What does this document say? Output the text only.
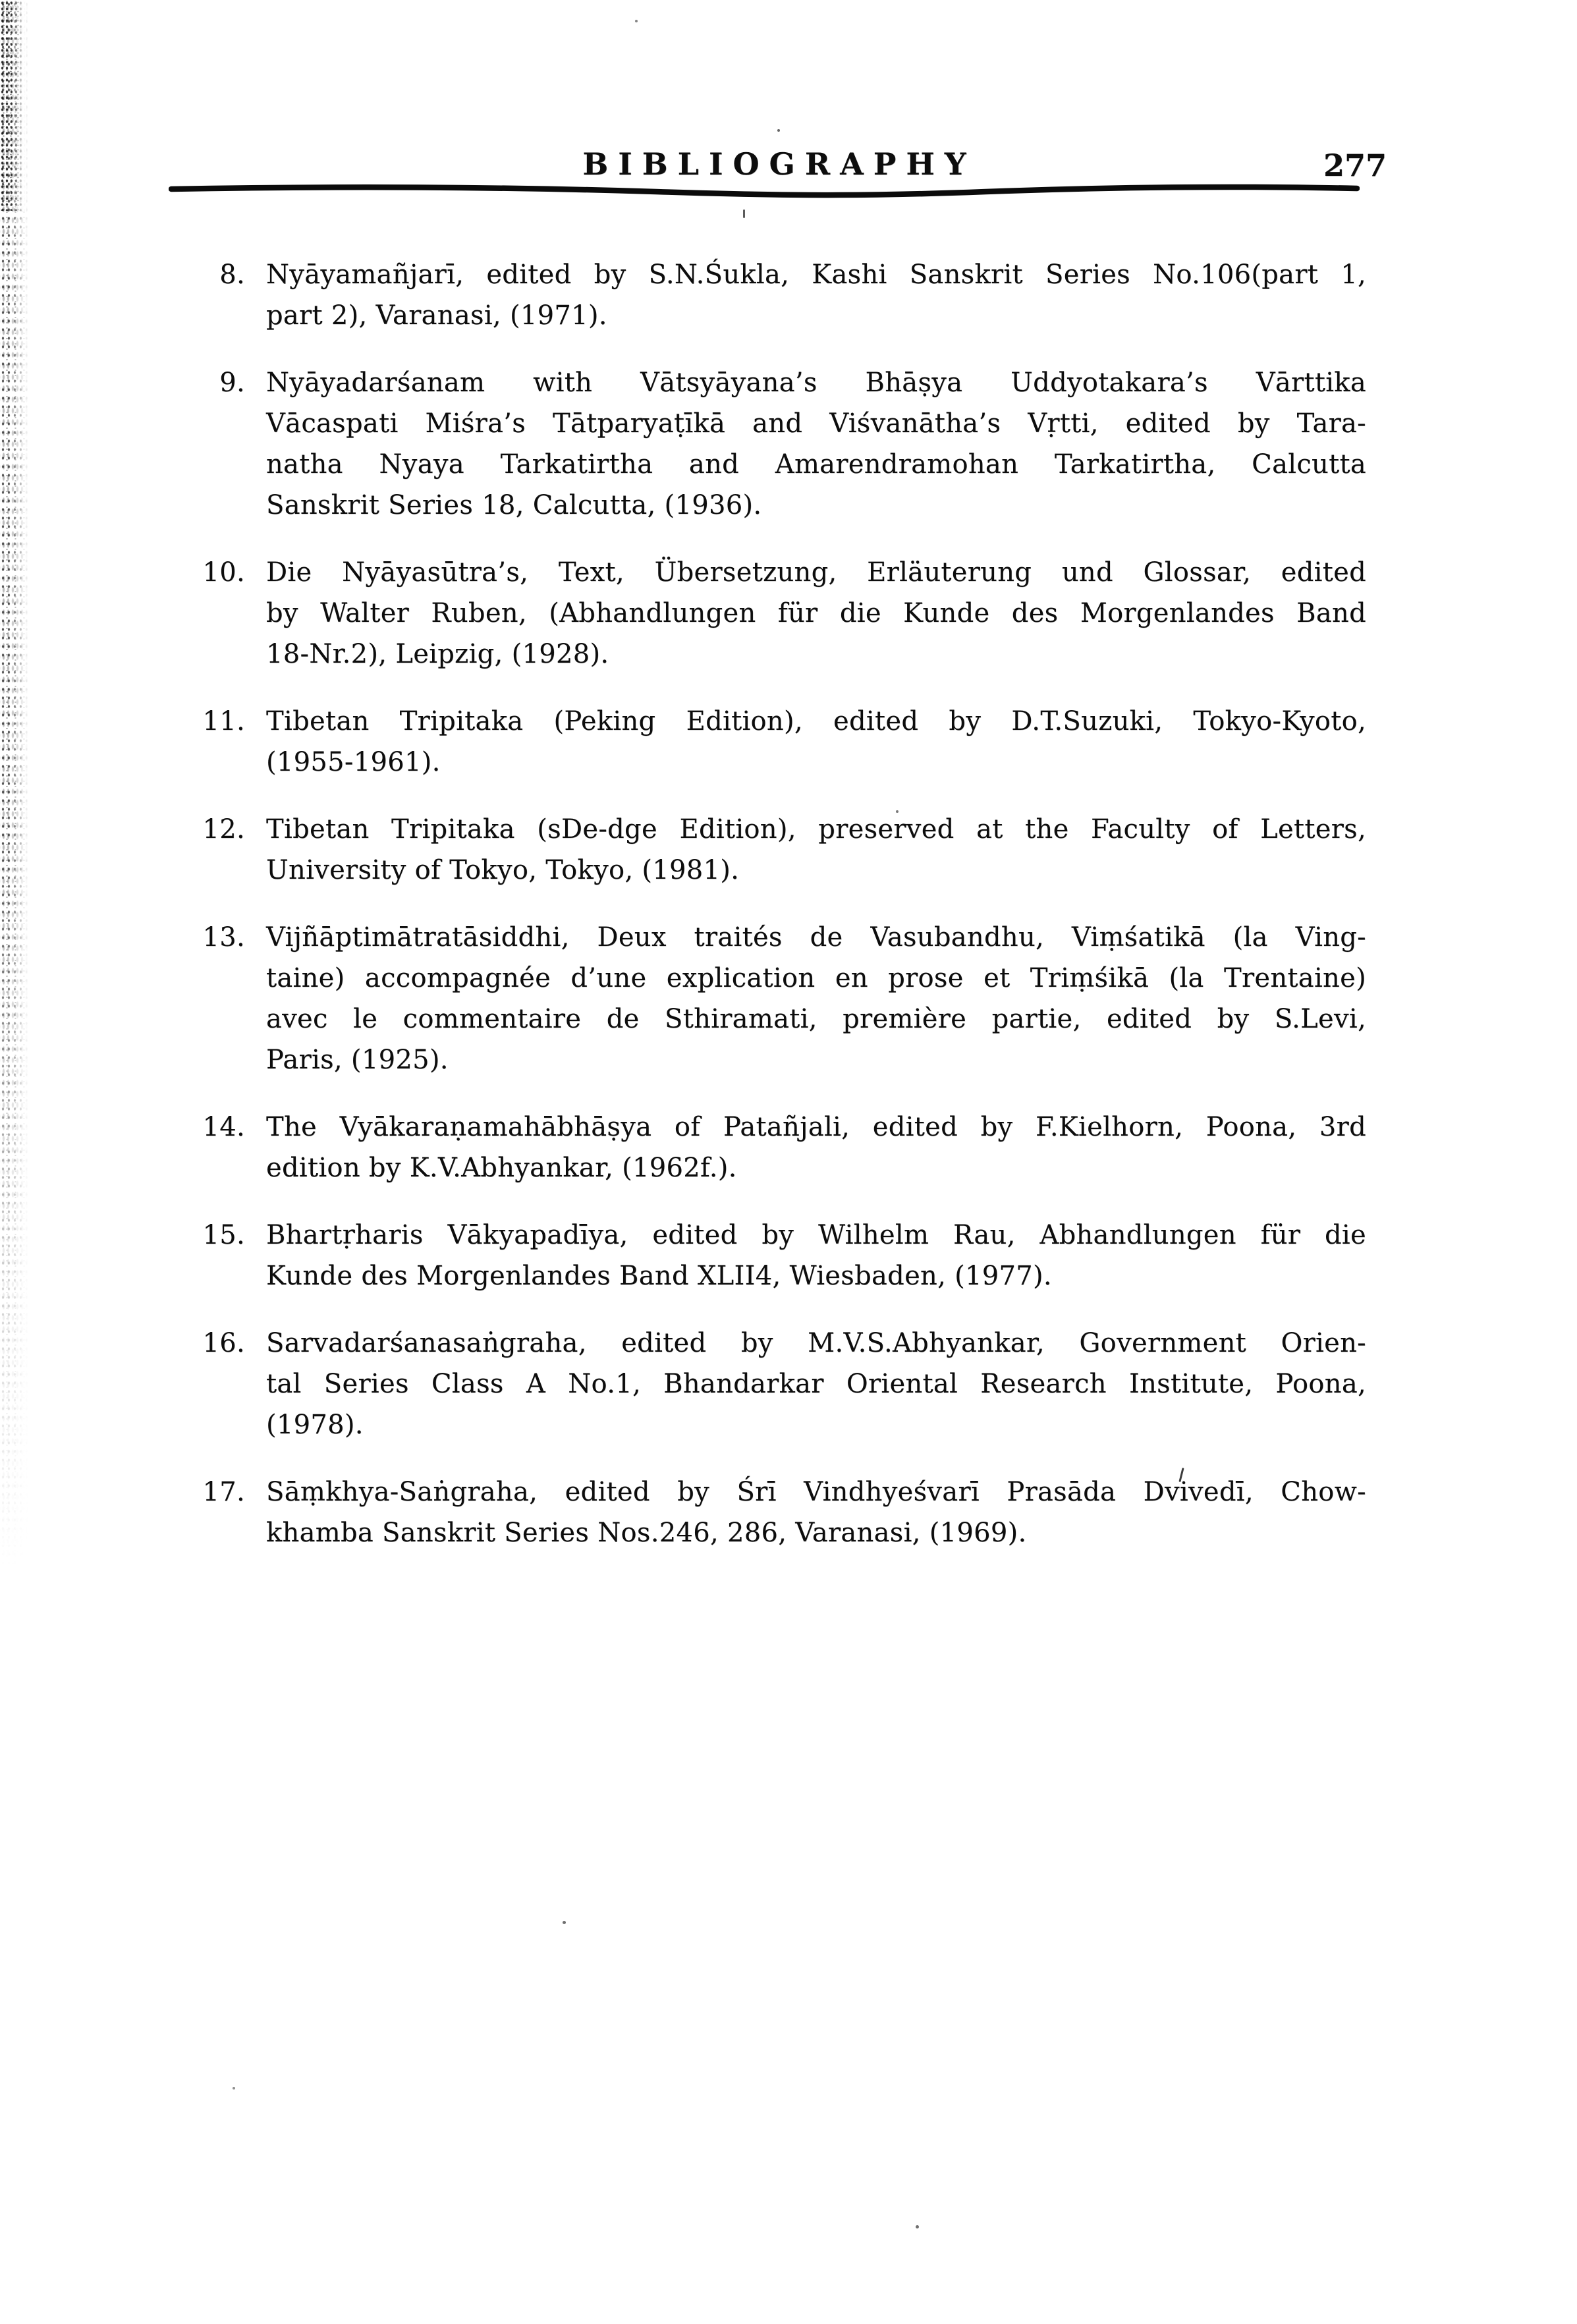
BIBLIOGRAPHY	277
8. Nyāyamañjarī, edited by S.N.Śukla, Kashi Sanskrit Series No.106(part 1,
part 2), Varanasi, (1971).
9. Nyāyadarśanam with Vātsyāyana’s Bhāṣya Uddyotakara’s Vārttika
Vācaspati Miśra’s Tātparyaṭīkā and Viśvanātha’s Vṛtti, edited by Tara-
natha Nyaya Tarkatirtha and Amarendramohan Tarkatirtha, Calcutta
Sanskrit Series 18, Calcutta, (1936).
10. Die Nyāyasūtra’s, Text, Übersetzung, Erläuterung und Glossar, edited
by Walter Ruben, (Abhandlungen für die Kunde des Morgenlandes Band
18-Nr.2), Leipzig, (1928).
11. Tibetan Tripitaka (Peking Edition), edited by D.T.Suzuki, Tokyo-Kyoto,
(1955-1961).
12. Tibetan Tripitaka (sDe-dge Edition), preserved at the Faculty of Letters,
University of Tokyo, Tokyo, (1981).
13. Vijñāptimātratāsiddhi, Deux traités de Vasubandhu, Viṃśatikā (la Ving-
taine) accompagnée d’une explication en prose et Triṃśikā (la Trentaine)
avec le commentaire de Sthiramati, première partie, edited by S.Levi,
Paris, (1925).
14. The Vyākaraṇamahābhāṣya of Patañjali, edited by F.Kielhorn, Poona, 3rd
edition by K.V.Abhyankar, (1962f.).
15. Bhartṛharis Vākyapadīya, edited by Wilhelm Rau, Abhandlungen für die
Kunde des Morgenlandes Band XLII4, Wiesbaden, (1977).
16. Sarvadarśanasaṅgraha, edited by M.V.S.Abhyankar, Government Orien-
tal Series Class A No.1, Bhandarkar Oriental Research Institute, Poona,
(1978).
17. Sāṃkhya-Saṅgraha, edited by Śrī Vindhyeśvarī Prasāda Dvivedī, Chow-
khamba Sanskrit Series Nos.246, 286, Varanasi, (1969).
